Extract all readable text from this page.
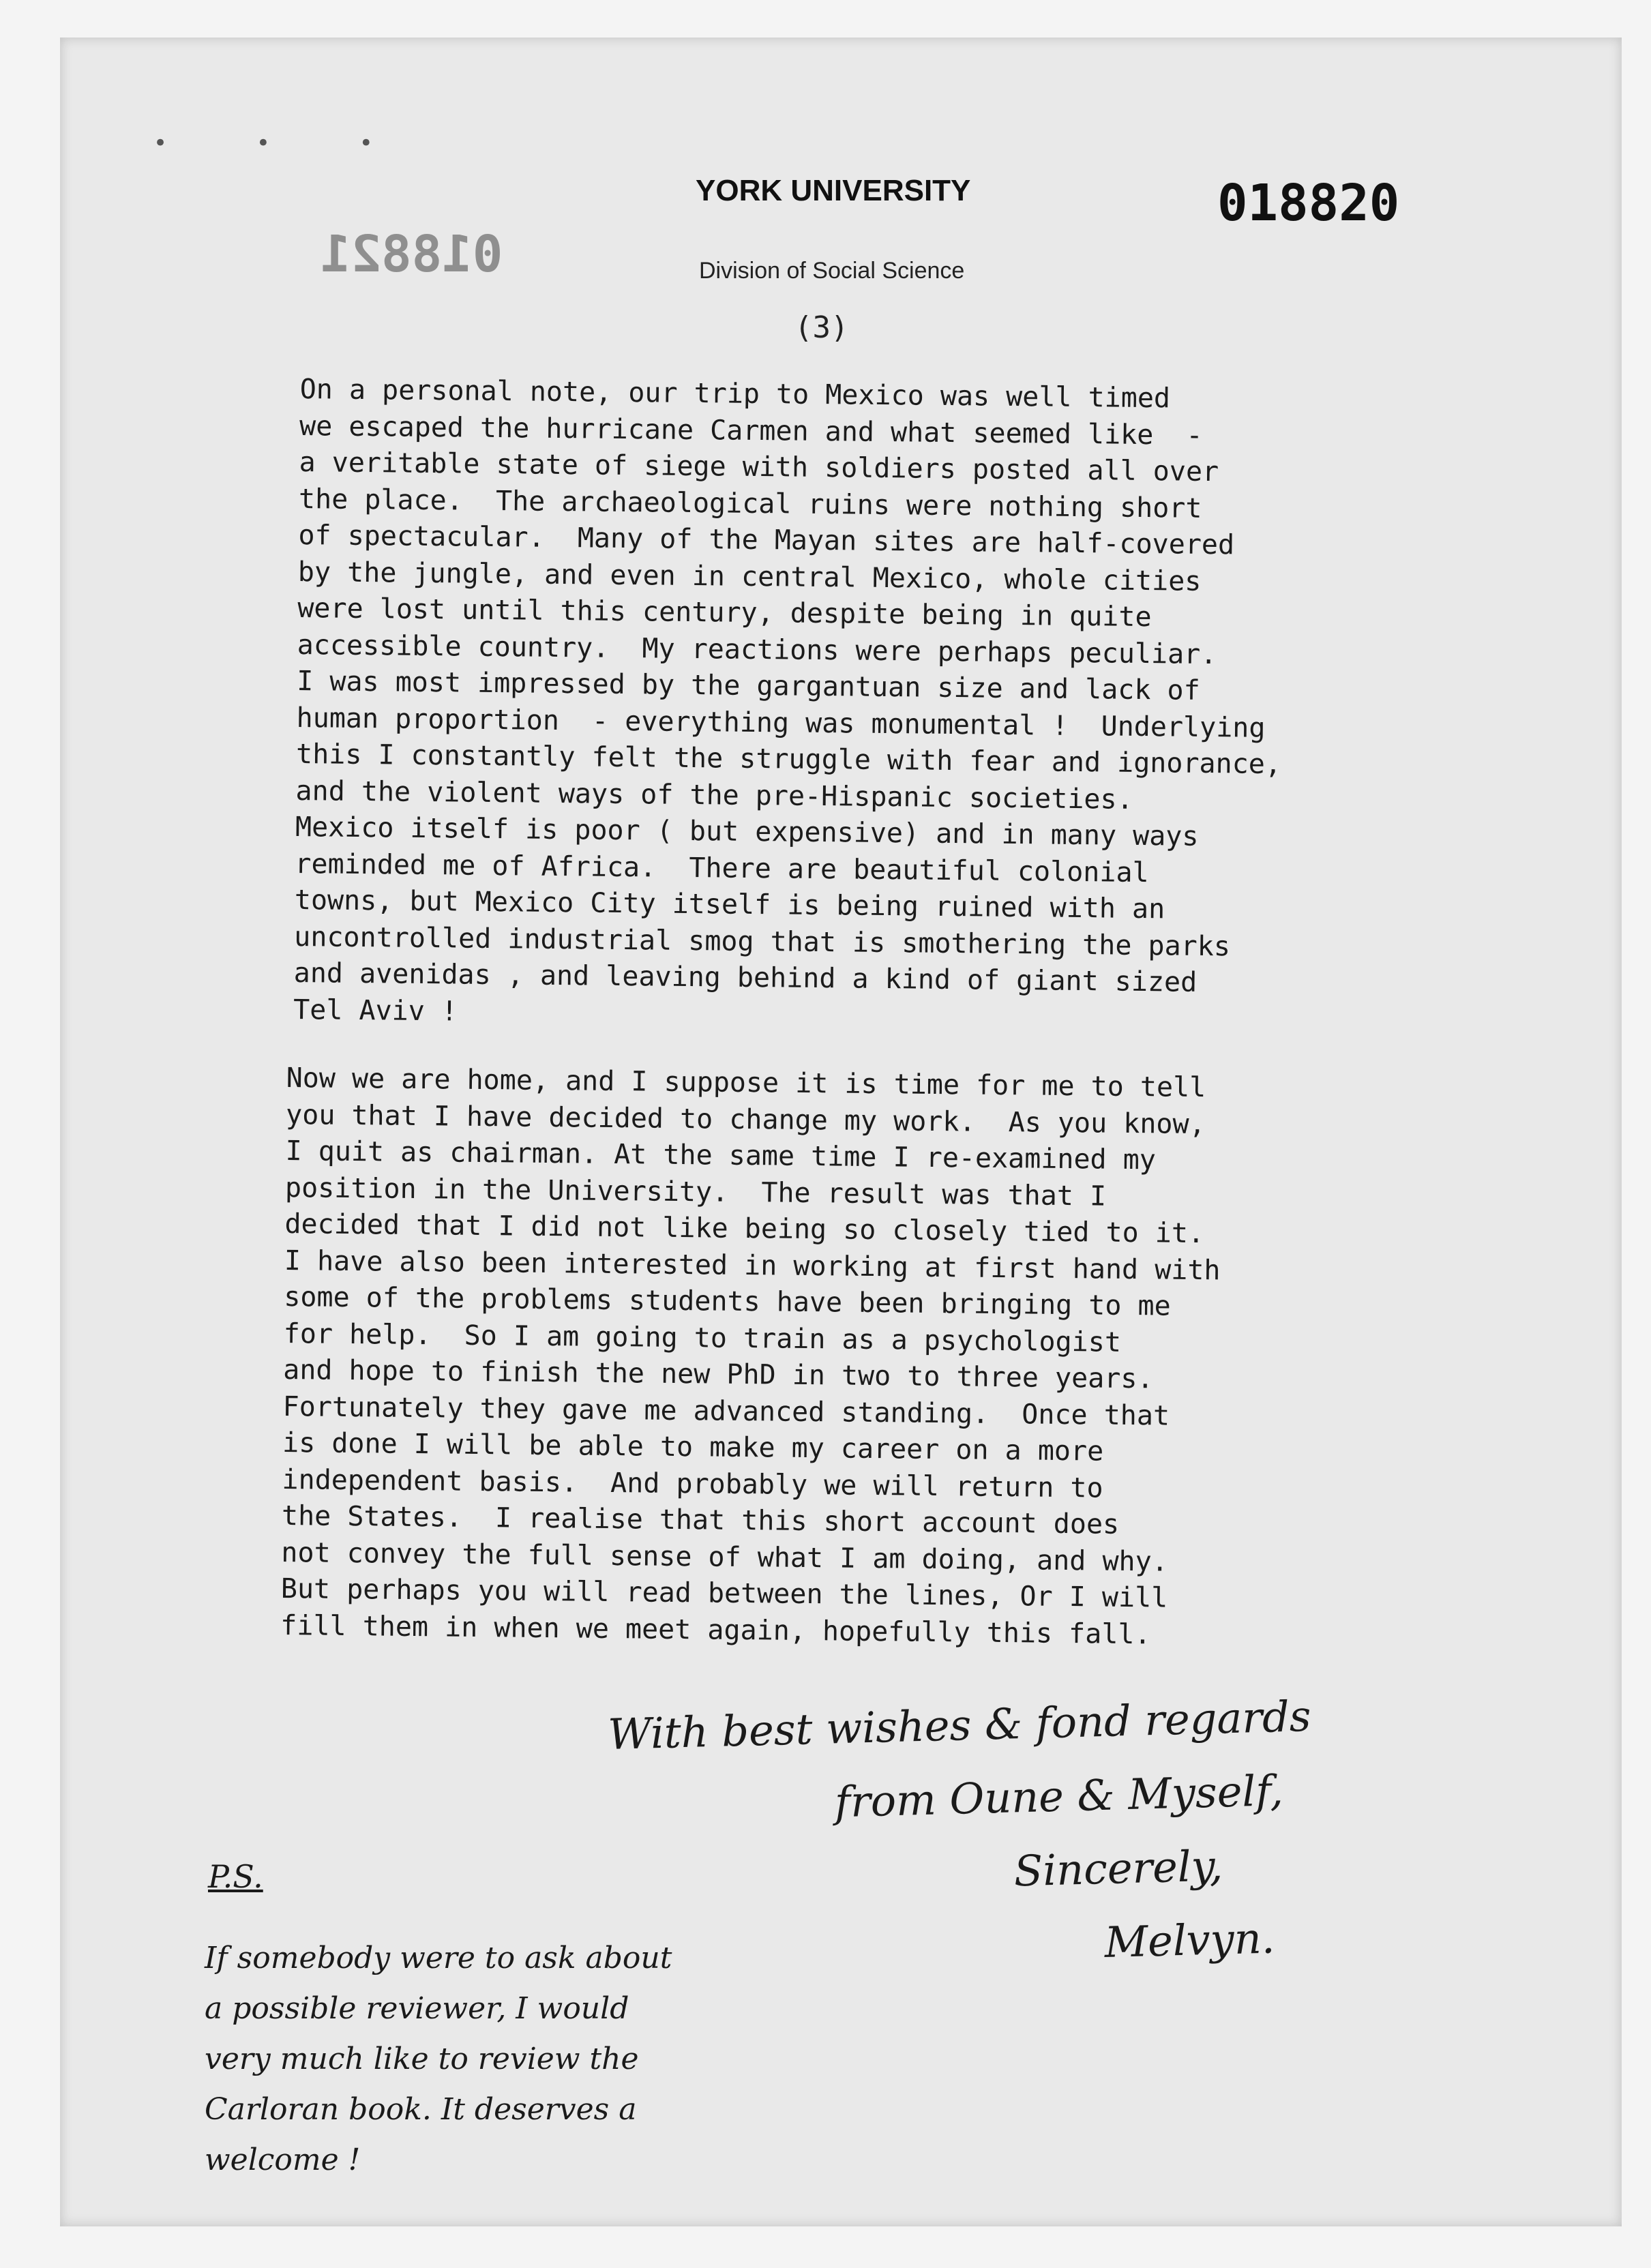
• • •
YORK UNIVERSITY	018820
018821	Division of Social Science
(3)
On a personal note, our trip to Mexico was well timed
we escaped the hurricane Carmen and what seemed like  -
a veritable state of siege with soldiers posted all over
the place.  The archaeological ruins were nothing short
of spectacular.  Many of the Mayan sites are half-covered
by the jungle, and even in central Mexico, whole cities
were lost until this century, despite being in quite
accessible country.  My reactions were perhaps peculiar.
I was most impressed by the gargantuan size and lack of
human proportion  - everything was monumental !  Underlying
this I constantly felt the struggle with fear and ignorance,
and the violent ways of the pre-Hispanic societies.
Mexico itself is poor ( but expensive) and in many ways
reminded me of Africa.  There are beautiful colonial
towns, but Mexico City itself is being ruined with an
uncontrolled industrial smog that is smothering the parks
and avenidas , and leaving behind a kind of giant sized
Tel Aviv !
Now we are home, and I suppose it is time for me to tell
you that I have decided to change my work.  As you know,
I quit as chairman. At the same time I re-examined my
position in the University.  The result was that I
decided that I did not like being so closely tied to it.
I have also been interested in working at first hand with
some of the problems students have been bringing to me
for help.  So I am going to train as a psychologist
and hope to finish the new PhD in two to three years.
Fortunately they gave me advanced standing.  Once that
is done I will be able to make my career on a more
independent basis.  And probably we will return to
the States.  I realise that this short account does
not convey the full sense of what I am doing, and why.
But perhaps you will read between the lines, Or I will
fill them in when we meet again, hopefully this fall.
With best wishes & fond regards
from Oune & Myself,
Sincerely,
Melvyn.
P.S.
If somebody were to ask about
a possible reviewer, I would
very much like to review the
Carloran book. It deserves a
welcome !
